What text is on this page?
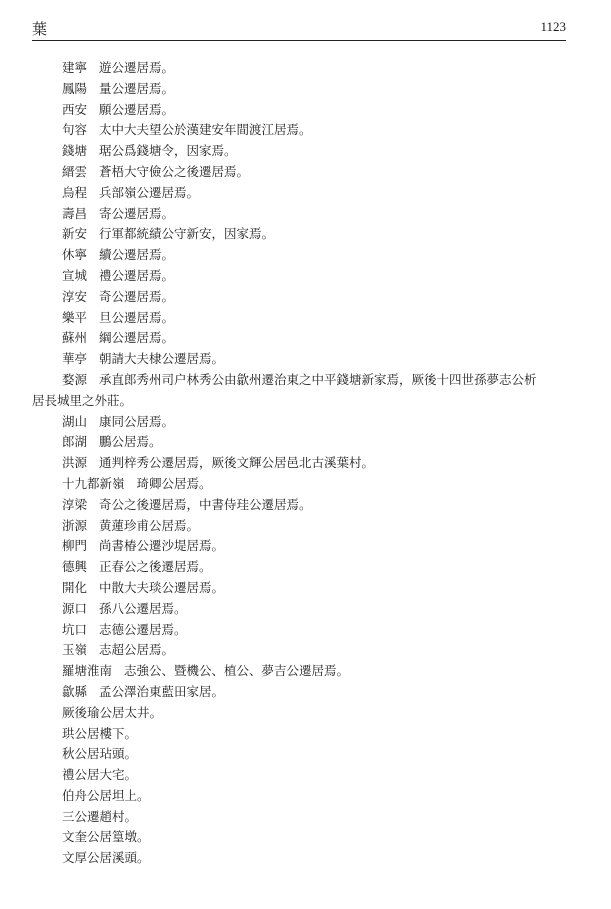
葉	1123
建寧 遊公遷居焉。
鳳陽 量公遷居焉。
西安 願公遷居焉。
句容 太中大夫望公於漢建安年間渡江居焉。
錢塘 琚公爲錢塘令，因家焉。
縉雲 蒼梧大守儉公之後遷居焉。
烏程 兵部嶺公遷居焉。
壽昌 寄公遷居焉。
新安 行軍都統績公守新安，因家焉。
休寧 續公遷居焉。
宣城 禮公遷居焉。
淳安 奇公遷居焉。
樂平 旦公遷居焉。
蘇州 綱公遷居焉。
華亭 朝請大夫棣公遷居焉。
婺源 承直郎秀州司户林秀公由歙州遷治東之中平錢塘新家焉，厥後十四世孫夢志公析
居長城里之外莊。
湖山 康同公居焉。
郎湖 鵬公居焉。
洪源 通判梓秀公遷居焉，厥後文輝公居邑北古溪葉村。
十九都新嶺 琦卿公居焉。
淳梁 奇公之後遷居焉，中書侍珪公遷居焉。
浙源 黄蓮珍甫公居焉。
柳門 尚書椿公遷沙堤居焉。
德興 正春公之後遷居焉。
開化 中散大夫琰公遷居焉。
源口 孫八公遷居焉。
坑口 志德公遷居焉。
玉嶺 志超公居焉。
羅塘淮南 志強公、暨機公、植公、夢吉公遷居焉。
歙縣 孟公澤治東藍田家居。
厥後瑜公居太井。
珙公居樓下。
秋公居玷頭。
禮公居大宅。
伯舟公居坦上。
三公遷趙村。
文奎公居篁墩。
文厚公居溪頭。
